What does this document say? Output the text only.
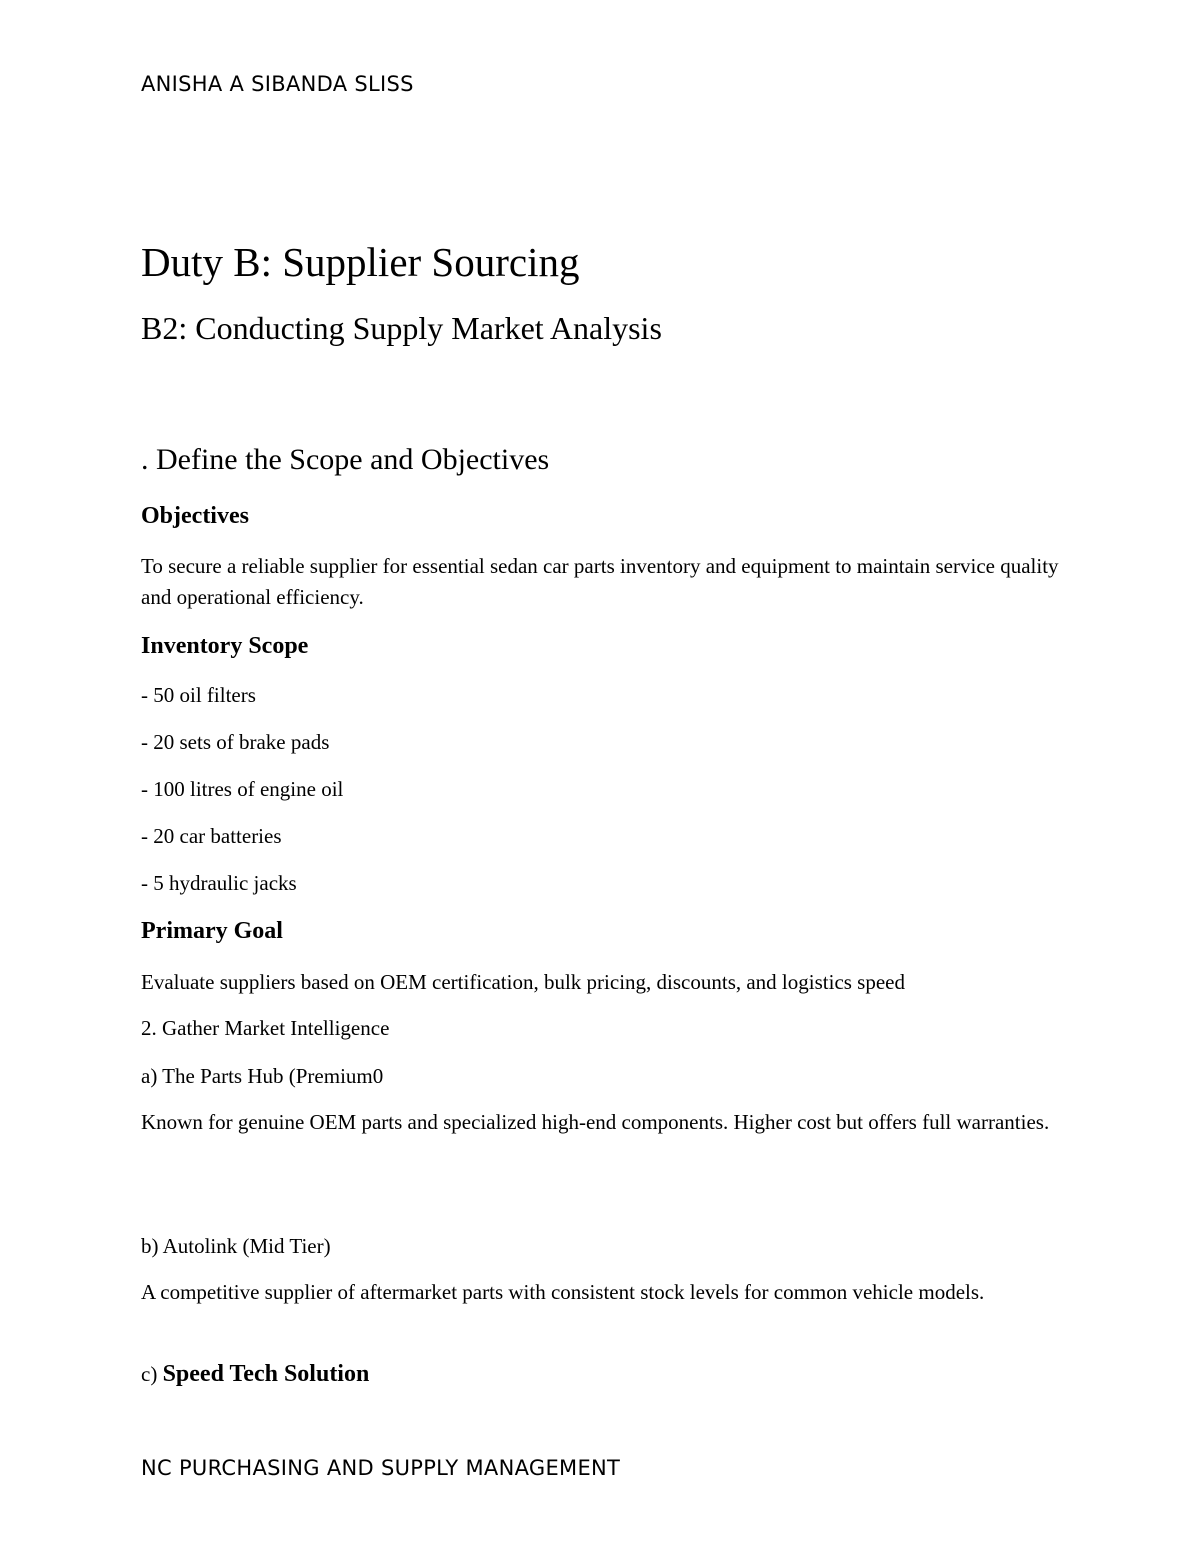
ANISHA A SIBANDA SLISS
Duty B: Supplier Sourcing
B2: Conducting Supply Market Analysis
. Define the Scope and Objectives
Objectives

To secure a reliable supplier for essential sedan car parts inventory and equipment to maintain service quality and operational efficiency.

Inventory Scope

- 50 oil filters

- 20 sets of brake pads

- 100 litres of engine oil

- 20 car batteries

- 5 hydraulic jacks

Primary Goal

Evaluate suppliers based on OEM certification, bulk pricing, discounts, and logistics speed

2. Gather Market Intelligence

a) The Parts Hub (Premium0

Known for genuine OEM parts and specialized high-end components. Higher cost but offers full warranties.

b) Autolink (Mid Tier)

A competitive supplier of aftermarket parts with consistent stock levels for common vehicle models.

c) Speed Tech Solution

NC PURCHASING AND SUPPLY MANAGEMENT
